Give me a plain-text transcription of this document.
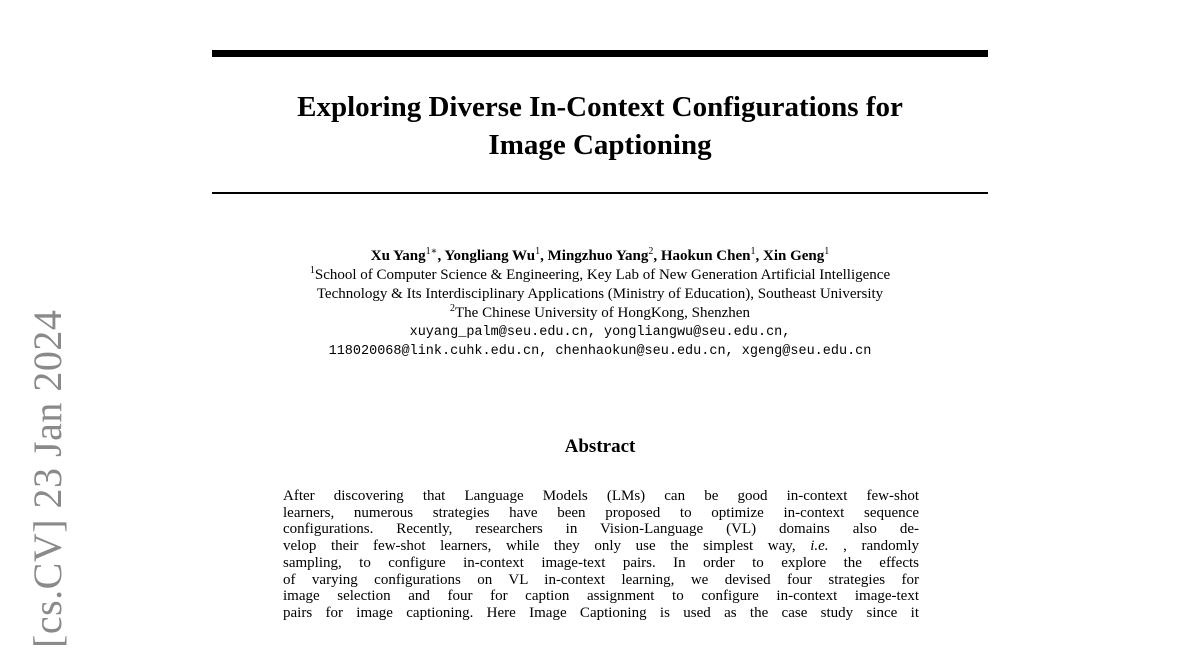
[cs.CV] 23 Jan 2024
Exploring Diverse In-Context Configurations for
Image Captioning
Xu Yang$^{1∗}$, Yongliang Wu$^1$, Mingzhuo Yang$^2$, Haokun Chen$^1$, Xin Geng$^1$
$^1$School of Computer Science & Engineering, Key Lab of New Generation Artificial Intelligence
Technology & Its Interdisciplinary Applications (Ministry of Education), Southeast University
$^2$The Chinese University of HongKong, Shenzhen
xuyang_palm@seu.edu.cn, yongliangwu@seu.edu.cn,
118020068@link.cuhk.edu.cn, chenhaokun@seu.edu.cn, xgeng@seu.edu.cn
Abstract
After discovering that Language Models (LMs) can be good in-context few-shot
learners, numerous strategies have been proposed to optimize in-context sequence
configurations. Recently, researchers in Vision-Language (VL) domains also de-
velop their few-shot learners, while they only use the simplest way, i.e. , randomly
sampling, to configure in-context image-text pairs. In order to explore the effects
of varying configurations on VL in-context learning, we devised four strategies for
image selection and four for caption assignment to configure in-context image-text
pairs for image captioning. Here Image Captioning is used as the case study since it
